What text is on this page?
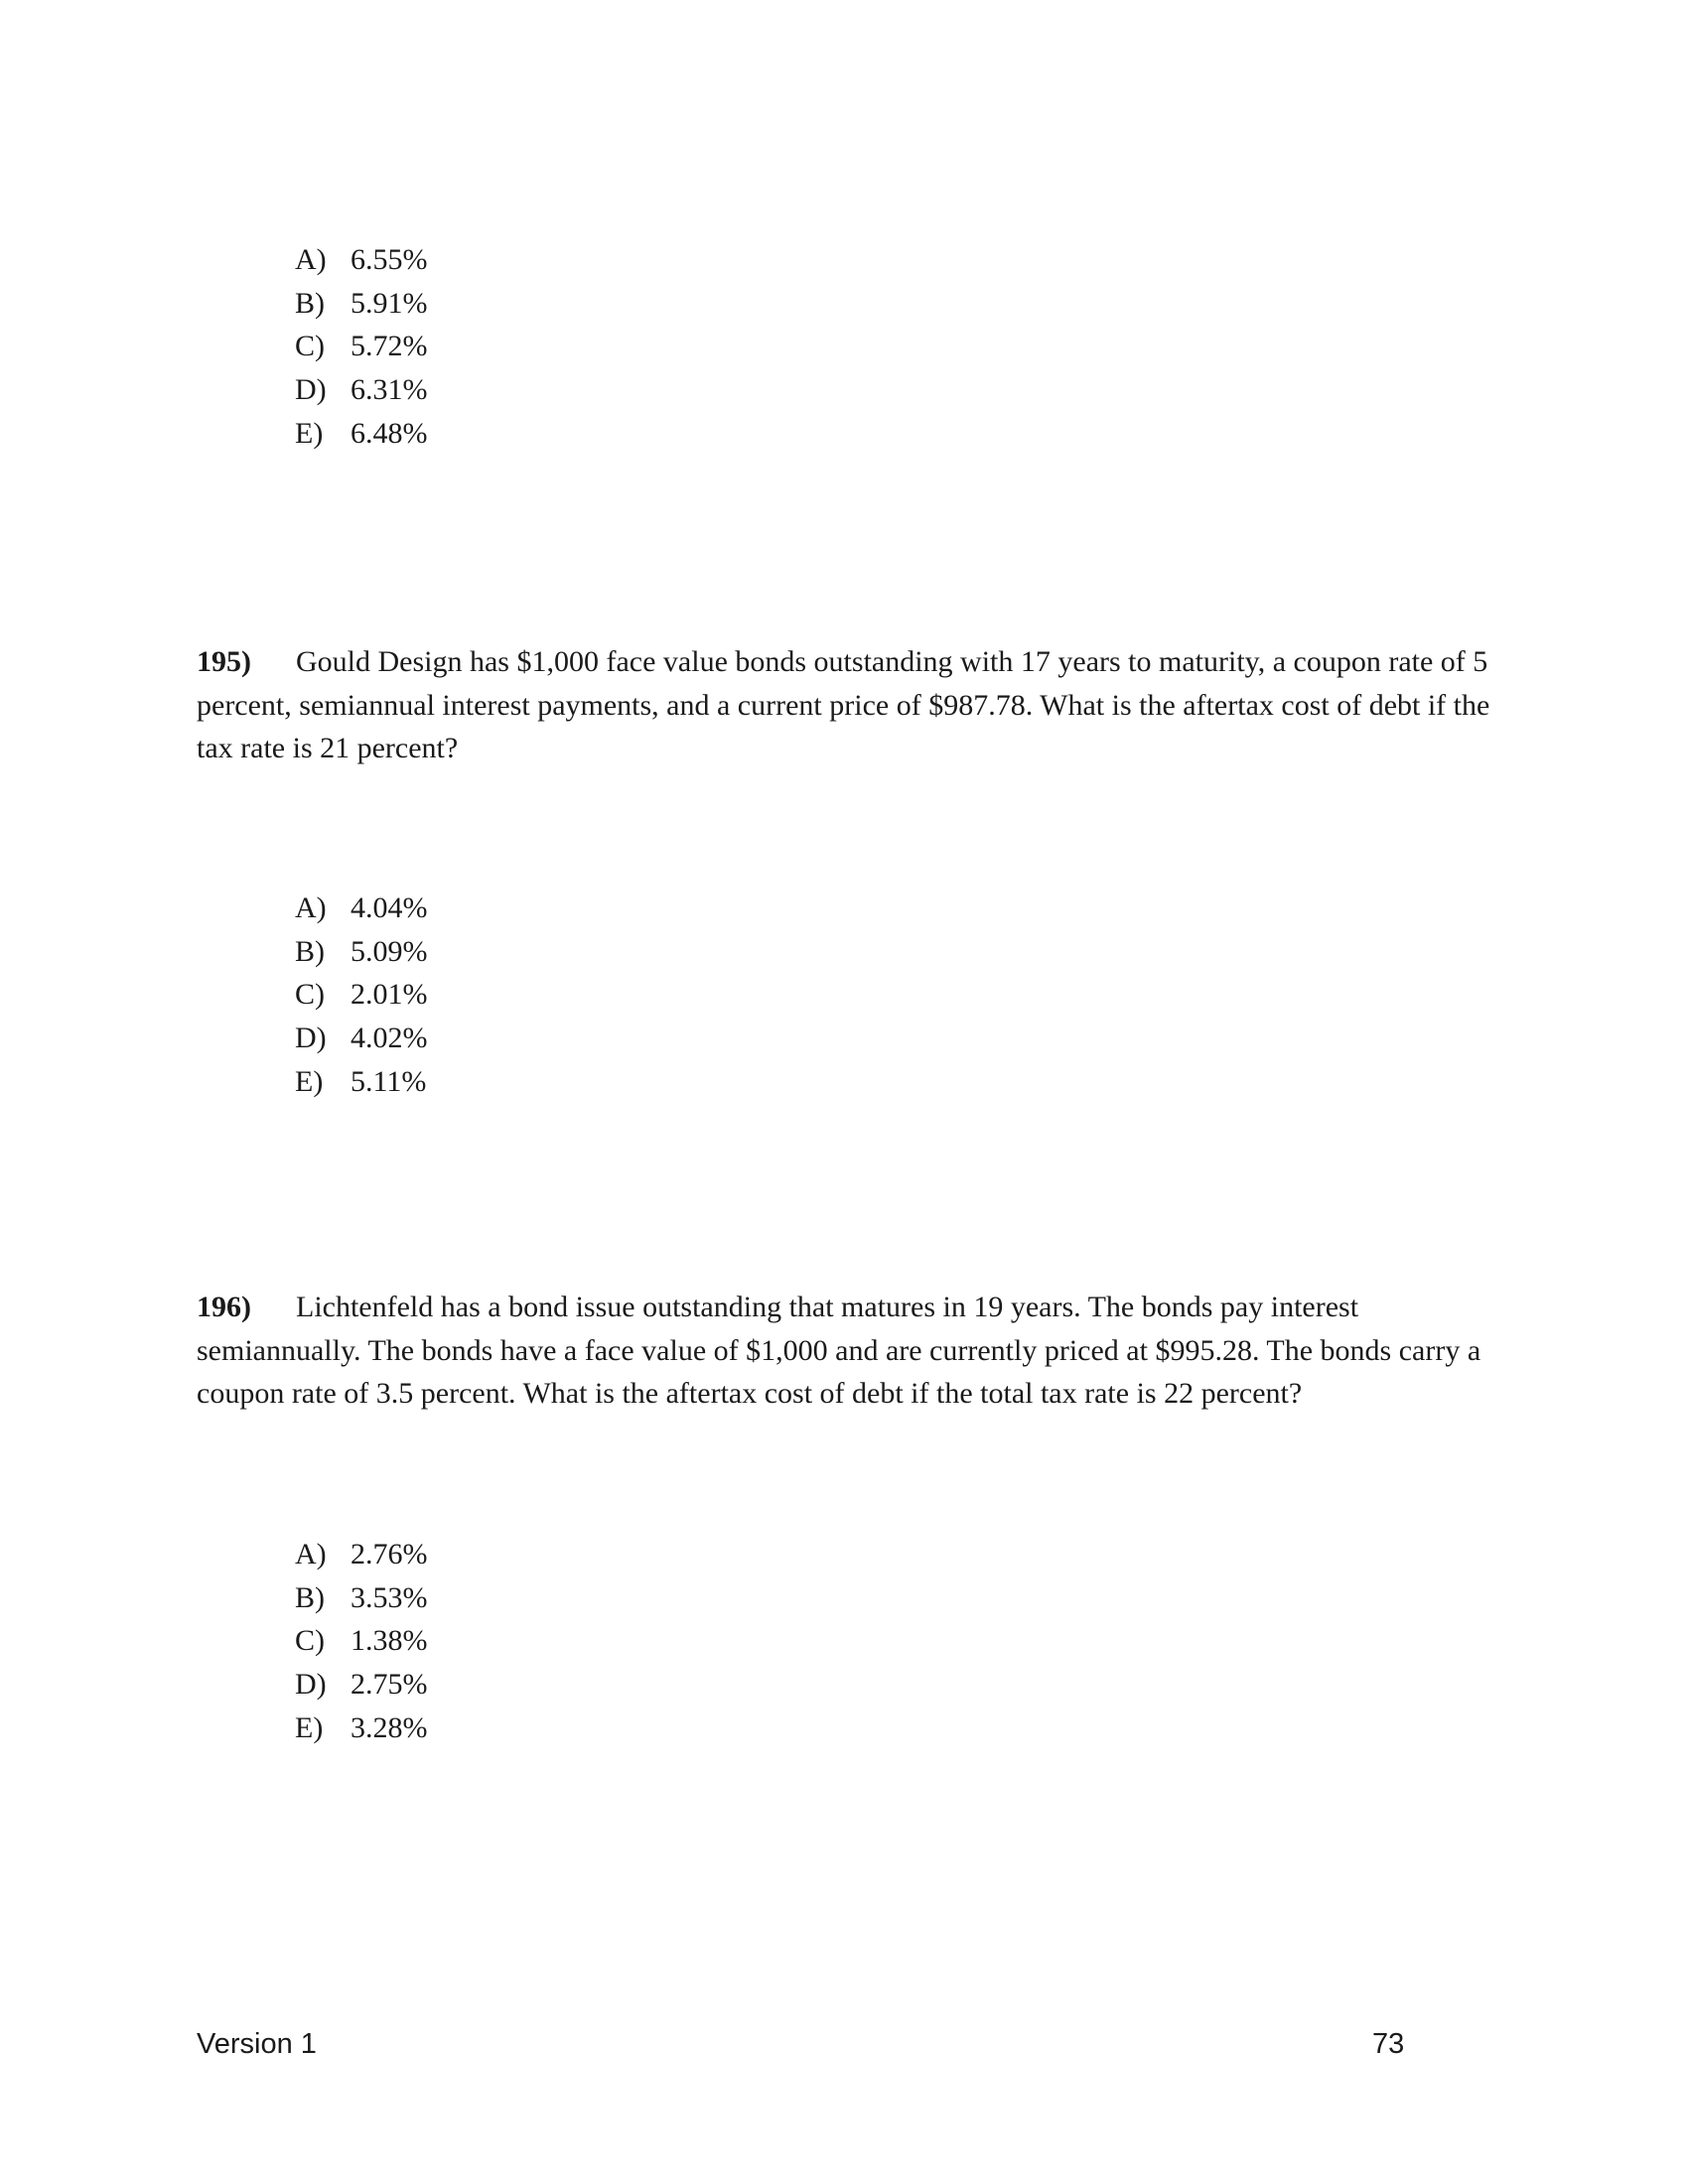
A) 6.55%
B) 5.91%
C) 5.72%
D) 6.31%
E) 6.48%
195) Gould Design has $1,000 face value bonds outstanding with 17 years to maturity, a coupon rate of 5 percent, semiannual interest payments, and a current price of $987.78. What is the aftertax cost of debt if the tax rate is 21 percent?
A) 4.04%
B) 5.09%
C) 2.01%
D) 4.02%
E) 5.11%
196) Lichtenfeld has a bond issue outstanding that matures in 19 years. The bonds pay interest semiannually. The bonds have a face value of $1,000 and are currently priced at $995.28. The bonds carry a coupon rate of 3.5 percent. What is the aftertax cost of debt if the total tax rate is 22 percent?
A) 2.76%
B) 3.53%
C) 1.38%
D) 2.75%
E) 3.28%
Version 1	73
